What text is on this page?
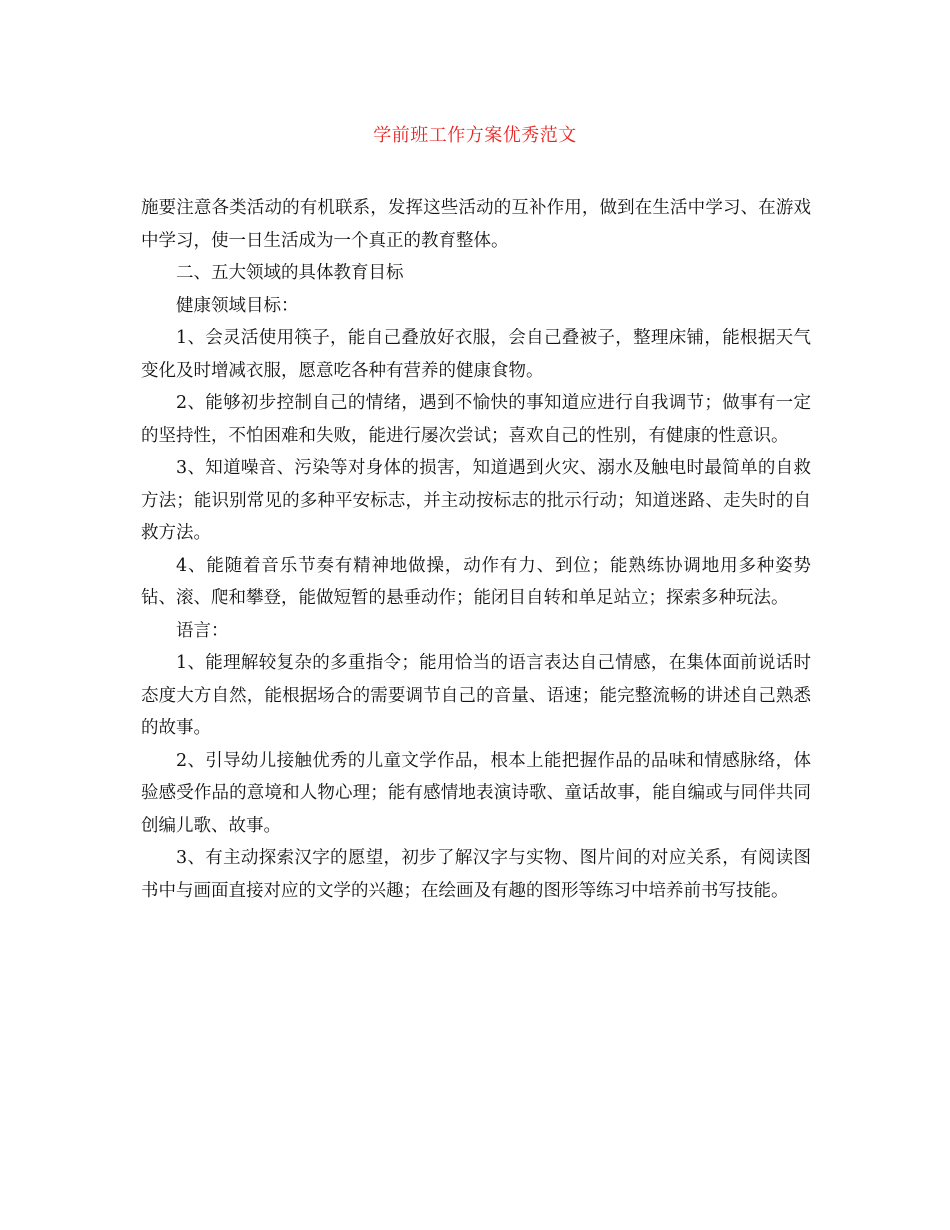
学前班工作方案优秀范文

施要注意各类活动的有机联系，发挥这些活动的互补作用，做到在生活中学习、在游戏中学习，使一日生活成为一个真正的教育整体。

二、五大领域的具体教育目标

健康领域目标：

1、会灵活使用筷子，能自己叠放好衣服，会自己叠被子，整理床铺，能根据天气变化及时增减衣服，愿意吃各种有营养的健康食物。

2、能够初步控制自己的情绪，遇到不愉快的事知道应进行自我调节；做事有一定的坚持性，不怕困难和失败，能进行屡次尝试；喜欢自己的性别，有健康的性意识。

3、知道噪音、污染等对身体的损害，知道遇到火灾、溺水及触电时最简单的自救方法；能识别常见的多种平安标志，并主动按标志的批示行动；知道迷路、走失时的自救方法。

4、能随着音乐节奏有精神地做操，动作有力、到位；能熟练协调地用多种姿势钻、滚、爬和攀登，能做短暂的悬垂动作；能闭目自转和单足站立；探索多种玩法。

语言：

1、能理解较复杂的多重指令；能用恰当的语言表达自己情感，在集体面前说话时态度大方自然，能根据场合的需要调节自己的音量、语速；能完整流畅的讲述自己熟悉的故事。

2、引导幼儿接触优秀的儿童文学作品，根本上能把握作品的品味和情感脉络，体验感受作品的意境和人物心理；能有感情地表演诗歌、童话故事，能自编或与同伴共同创编儿歌、故事。

3、有主动探索汉字的愿望，初步了解汉字与实物、图片间的对应关系，有阅读图书中与画面直接对应的文学的兴趣；在绘画及有趣的图形等练习中培养前书写技能。
